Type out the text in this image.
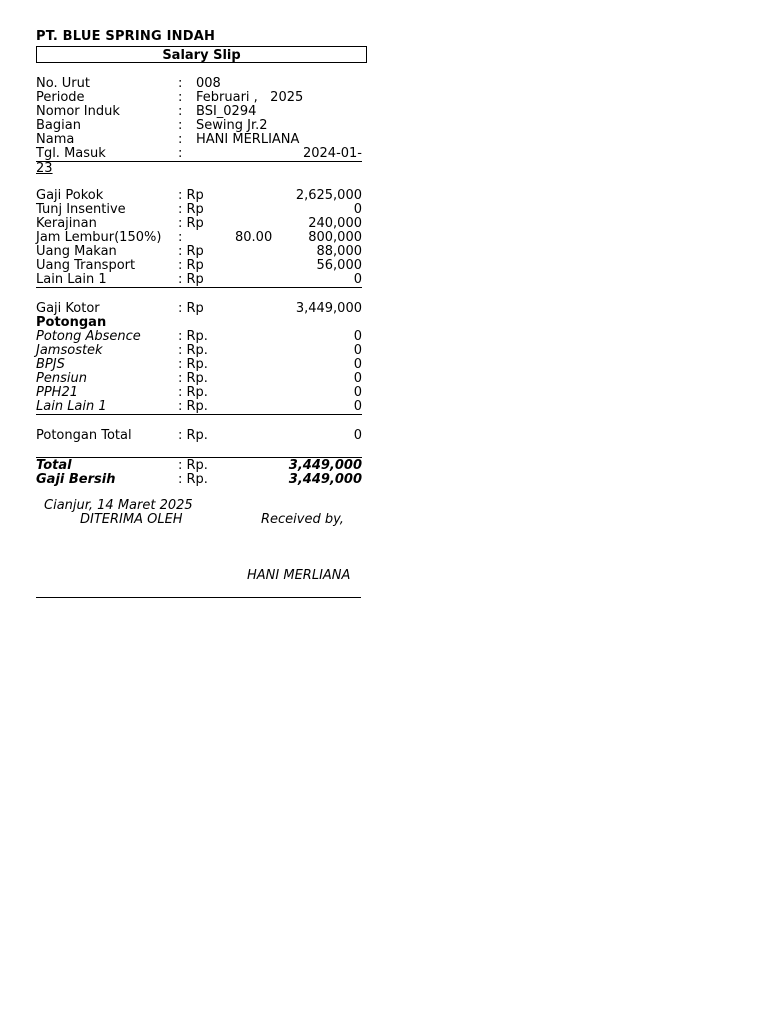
PT. BLUE SPRING INDAH
Salary Slip
No. Urut	: 008
Periode	: Februari ,   2025
Nomor Induk	: BSI_0294
Bagian	: Sewing Jr.2
Nama	: HANI MERLIANA
Tgl. Masuk	:	2024-01-
23
Gaji Pokok	: Rp	2,625,000
Tunj Insentive	: Rp	0
Kerajinan	: Rp	240,000
Jam Lembur(150%) :	80.00	800,000
Uang Makan	: Rp	88,000
Uang Transport	: Rp	56,000
Lain Lain 1	: Rp	0
Gaji Kotor	: Rp	3,449,000
Potongan
Potong Absence	: Rp.	0
Jamsostek	: Rp.	0
BPJS	: Rp.	0
Pensiun	: Rp.	0
PPH21	: Rp.	0
Lain Lain 1	: Rp.	0
Potongan Total	: Rp.	0
Total	: Rp.	3,449,000
Gaji Bersih	: Rp.	3,449,000
Cianjur, 14 Maret 2025
DITERIMA OLEH	Received by,
HANI MERLIANA
